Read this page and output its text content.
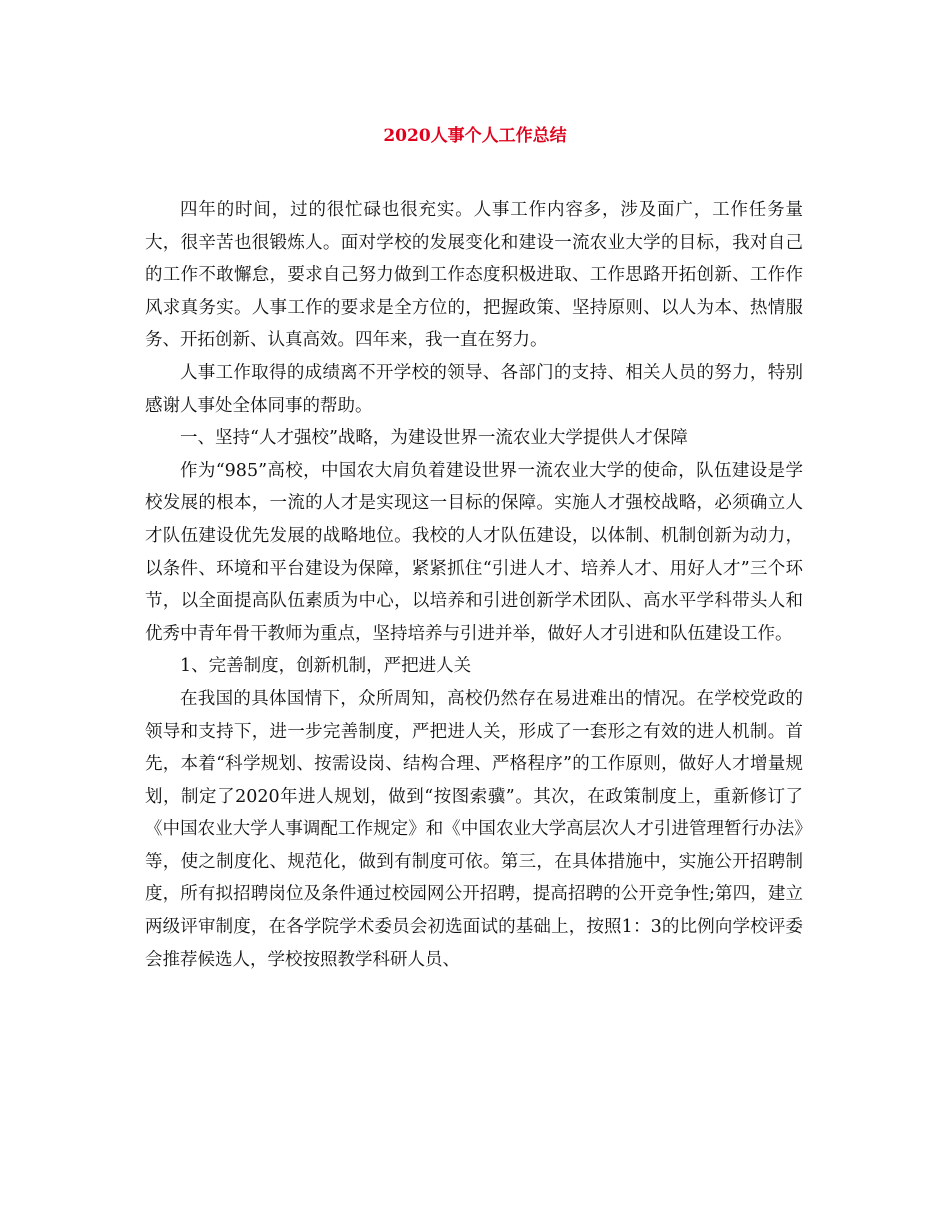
2020人事个人工作总结

四年的时间，过的很忙碌也很充实。人事工作内容多，涉及面广，工作任务量大，很辛苦也很锻炼人。面对学校的发展变化和建设一流农业大学的目标，我对自己的工作不敢懈怠，要求自己努力做到工作态度积极进取、工作思路开拓创新、工作作风求真务实。人事工作的要求是全方位的，把握政策、坚持原则、以人为本、热情服务、开拓创新、认真高效。四年来，我一直在努力。

人事工作取得的成绩离不开学校的领导、各部门的支持、相关人员的努力，特别感谢人事处全体同事的帮助。

一、坚持“人才强校”战略，为建设世界一流农业大学提供人才保障

作为“985”高校，中国农大肩负着建设世界一流农业大学的使命，队伍建设是学校发展的根本，一流的人才是实现这一目标的保障。实施人才强校战略，必须确立人才队伍建设优先发展的战略地位。我校的人才队伍建设，以体制、机制创新为动力，以条件、环境和平台建设为保障，紧紧抓住“引进人才、培养人才、用好人才”三个环节，以全面提高队伍素质为中心，以培养和引进创新学术团队、高水平学科带头人和优秀中青年骨干教师为重点，坚持培养与引进并举，做好人才引进和队伍建设工作。

1、完善制度，创新机制，严把进人关

在我国的具体国情下，众所周知，高校仍然存在易进难出的情况。在学校党政的领导和支持下，进一步完善制度，严把进人关，形成了一套形之有效的进人机制。首先，本着“科学规划、按需设岗、结构合理、严格程序”的工作原则，做好人才增量规划，制定了2020年进人规划，做到“按图索骥”。其次，在政策制度上，重新修订了《中国农业大学人事调配工作规定》和《中国农业大学高层次人才引进管理暂行办法》等，使之制度化、规范化，做到有制度可依。第三，在具体措施中，实施公开招聘制度，所有拟招聘岗位及条件通过校园网公开招聘，提高招聘的公开竞争性;第四，建立两级评审制度，在各学院学术委员会初选面试的基础上，按照1：3的比例向学校评委会推荐候选人，学校按照教学科研人员、
